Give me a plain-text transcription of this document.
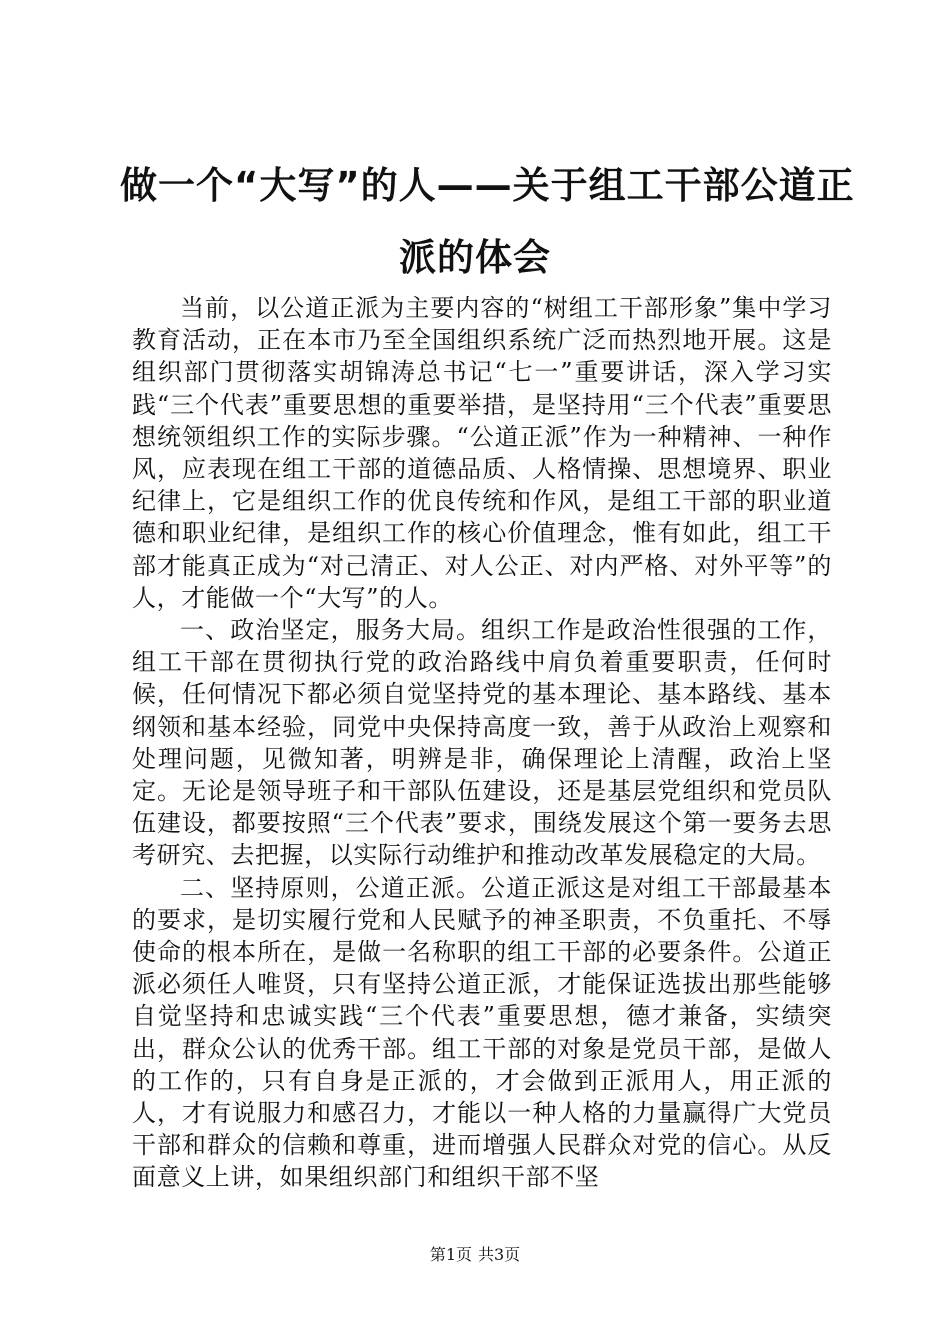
做一个“大写”的人——关于组工干部公道正
派的体会

当前，以公道正派为主要内容的“树组工干部形象”集中学习教育活动，正在本市乃至全国组织系统广泛而热烈地开展。这是组织部门贯彻落实胡锦涛总书记“七一”重要讲话，深入学习实践“三个代表”重要思想的重要举措，是坚持用“三个代表”重要思想统领组织工作的实际步骤。“公道正派”作为一种精神、一种作风，应表现在组工干部的道德品质、人格情操、思想境界、职业纪律上，它是组织工作的优良传统和作风，是组工干部的职业道德和职业纪律，是组织工作的核心价值理念，惟有如此，组工干部才能真正成为“对己清正、对人公正、对内严格、对外平等”的人，才能做一个“大写”的人。

一、政治坚定，服务大局。组织工作是政治性很强的工作，组工干部在贯彻执行党的政治路线中肩负着重要职责，任何时候，任何情况下都必须自觉坚持党的基本理论、基本路线、基本纲领和基本经验，同党中央保持高度一致，善于从政治上观察和处理问题，见微知著，明辨是非，确保理论上清醒，政治上坚定。无论是领导班子和干部队伍建设，还是基层党组织和党员队伍建设，都要按照“三个代表”要求，围绕发展这个第一要务去思考研究、去把握，以实际行动维护和推动改革发展稳定的大局。

二、坚持原则，公道正派。公道正派这是对组工干部最基本的要求，是切实履行党和人民赋予的神圣职责，不负重托、不辱使命的根本所在，是做一名称职的组工干部的必要条件。公道正派必须任人唯贤，只有坚持公道正派，才能保证选拔出那些能够自觉坚持和忠诚实践“三个代表”重要思想，德才兼备，实绩突出，群众公认的优秀干部。组工干部的对象是党员干部，是做人的工作的，只有自身是正派的，才会做到正派用人，用正派的人，才有说服力和感召力，才能以一种人格的力量赢得广大党员干部和群众的信赖和尊重，进而增强人民群众对党的信心。从反面意义上讲，如果组织部门和组织干部不坚

第1页 共3页
